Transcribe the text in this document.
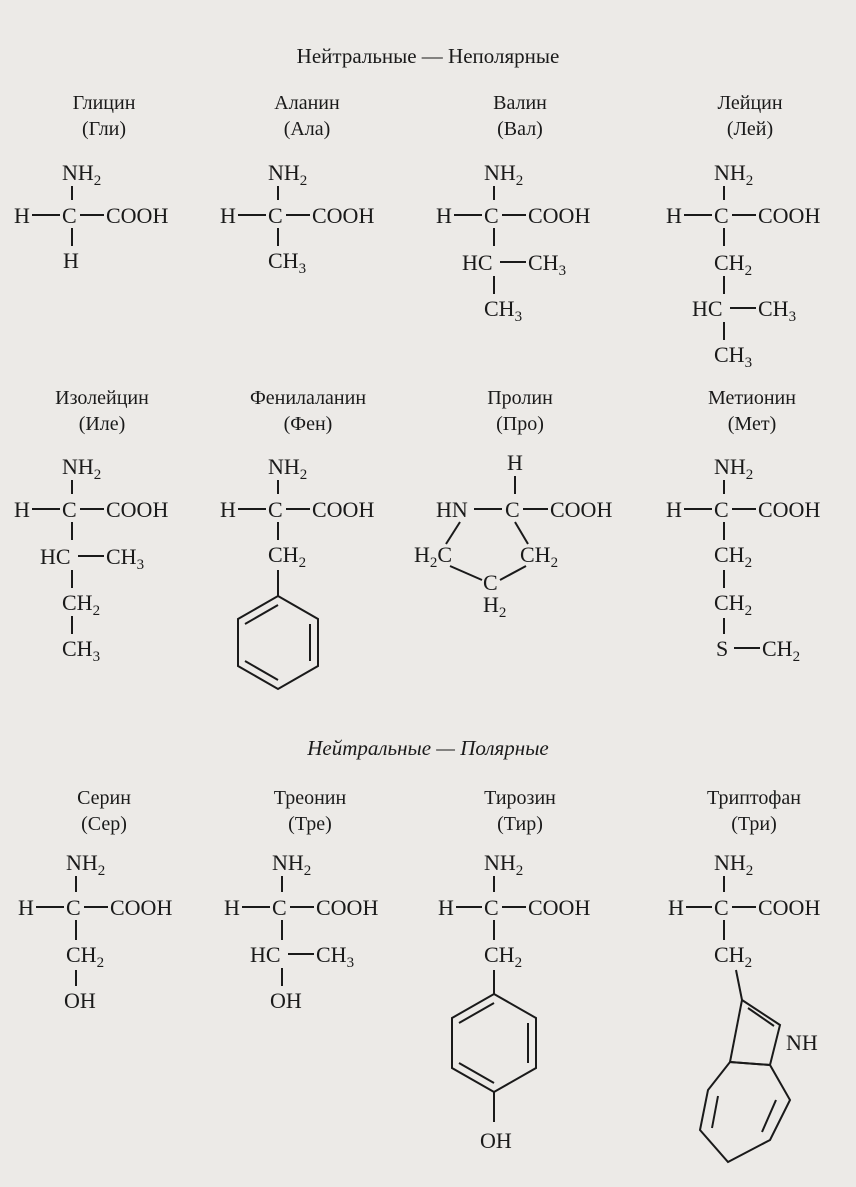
Нейтральные — Неполярные
Нейтральные — Полярные
Глицин
(Гли)
Аланин
(Ала)
Валин
(Вал)
Лейцин
(Лей)
Изолейцин
(Иле)
Фенилаланин
(Фен)
Пролин
(Про)
Метионин
(Мет)
Серин
(Сер)
Треонин
(Тре)
Тирозин
(Тир)
Триптофан
(Три)
$NH_2$
H C COOH
H
$NH_2$
H C COOH
$CH_3$
$NH_2$
H C COOH
HC $CH_3$
$CH_3$
$NH_2$
H C COOH
$CH_2$
HC $CH_3$
$CH_3$
$NH_2$
H C COOH
HC $CH_3$
$CH_2$
$CH_3$
$NH_2$
H C COOH
$CH_2$
H
HN C COOH
$H_2C$	$CH_2$
C
$H_2$
$NH_2$
H C COOH
$CH_2$
$CH_2$
S $CH_2$
$NH_2$
H C COOH
$CH_2$
OH
$NH_2$
H C COOH
HC $CH_3$
OH
$NH_2$
H C COOH
$CH_2$
OH
$NH_2$
H C COOH
$CH_2$
NH
